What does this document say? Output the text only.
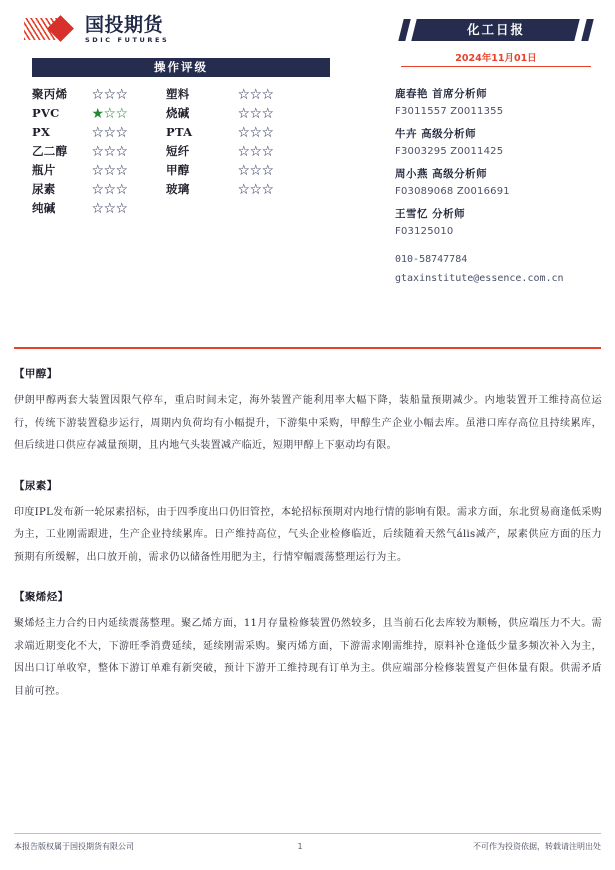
国投期货
SDIC FUTURES
化工日报
2024年11月01日
操作评级
聚丙烯	☆☆☆	塑料	☆☆☆
PVC	★☆☆	烧碱	☆☆☆
PX	☆☆☆	PTA	☆☆☆
乙二醇	☆☆☆	短纤	☆☆☆
瓶片	☆☆☆	甲醇	☆☆☆
尿素	☆☆☆	玻璃	☆☆☆
纯碱	☆☆☆
鹿春艳 首席分析师
F3011557 Z0011355
牛卉 高级分析师
F3003295 Z0011425
周小燕 高级分析师
F03089068 Z0016691
王雪忆 分析师
F03125010
010-58747784
gtaxinstitute@essence.com.cn
【甲醇】
伊朗甲醇两套大装置因限气停车，重启时间未定，海外装置产能利用率大幅下降，装船量预期减少。内地装置开工维持高位运行，传统下游装置稳步运行，周期内负荷均有小幅提升，下游集中采购，甲醇生产企业小幅去库。虽港口库存高位且持续累库，但后续进口供应存减量预期，且内地气头装置减产临近，短期甲醇上下驱动均有限。
【尿素】
印度IPL发布新一轮尿素招标，由于四季度出口仍旧管控，本轮招标预期对内地行情的影响有限。需求方面，东北贸易商逢低采购为主，工业刚需跟进，生产企业持续累库。日产维持高位，气头企业检修临近，后续随着天然气ális减产，尿素供应方面的压力预期有所缓解，出口放开前，需求仍以储备性用肥为主，行情窄幅震荡整理运行为主。
【聚烯烃】
聚烯烃主力合约日内延续震荡整理。聚乙烯方面，11月存量检修装置仍然较多，且当前石化去库较为顺畅，供应端压力不大。需求端近期变化不大，下游旺季消费延续，延续刚需采购。聚丙烯方面，下游需求刚需维持，原料补仓逢低少量多频次补入为主，因出口订单收窄，整体下游订单难有新突破，预计下游开工维持现有订单为主。供应端部分检修装置复产但体量有限。供需矛盾目前可控。
本报告版权属于国投期货有限公司	1	不可作为投资依据，转载请注明出处
